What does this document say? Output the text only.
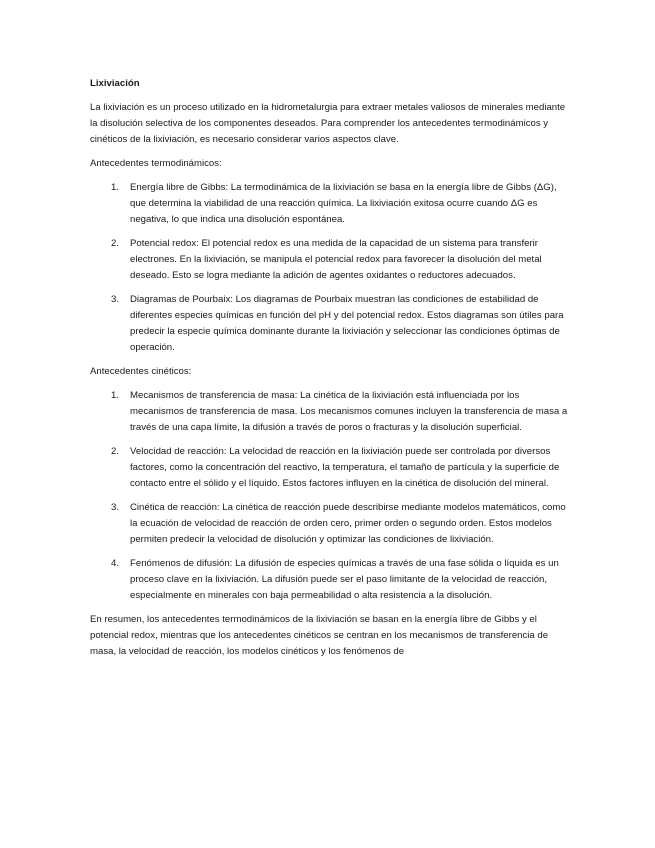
Lixiviación

La lixiviación es un proceso utilizado en la hidrometalurgia para extraer metales valiosos de minerales mediante la disolución selectiva de los componentes deseados. Para comprender los antecedentes termodinámicos y cinéticos de la lixiviación, es necesario considerar varios aspectos clave.

Antecedentes termodinámicos:

1. Energía libre de Gibbs: La termodinámica de la lixiviación se basa en la energía libre de Gibbs (ΔG), que determina la viabilidad de una reacción química. La lixiviación exitosa ocurre cuando ΔG es negativa, lo que indica una disolución espontánea.
2. Potencial redox: El potencial redox es una medida de la capacidad de un sistema para transferir electrones. En la lixiviación, se manipula el potencial redox para favorecer la disolución del metal deseado. Esto se logra mediante la adición de agentes oxidantes o reductores adecuados.
3. Diagramas de Pourbaix: Los diagramas de Pourbaix muestran las condiciones de estabilidad de diferentes especies químicas en función del pH y del potencial redox. Estos diagramas son útiles para predecir la especie química dominante durante la lixiviación y seleccionar las condiciones óptimas de operación.

Antecedentes cinéticos:

1. Mecanismos de transferencia de masa: La cinética de la lixiviación está influenciada por los mecanismos de transferencia de masa. Los mecanismos comunes incluyen la transferencia de masa a través de una capa límite, la difusión a través de poros o fracturas y la disolución superficial.
2. Velocidad de reacción: La velocidad de reacción en la lixiviación puede ser controlada por diversos factores, como la concentración del reactivo, la temperatura, el tamaño de partícula y la superficie de contacto entre el sólido y el líquido. Estos factores influyen en la cinética de disolución del mineral.
3. Cinética de reacción: La cinética de reacción puede describirse mediante modelos matemáticos, como la ecuación de velocidad de reacción de orden cero, primer orden o segundo orden. Estos modelos permiten predecir la velocidad de disolución y optimizar las condiciones de lixiviación.
4. Fenómenos de difusión: La difusión de especies químicas a través de una fase sólida o líquida es un proceso clave en la lixiviación. La difusión puede ser el paso limitante de la velocidad de reacción, especialmente en minerales con baja permeabilidad o alta resistencia a la disolución.

En resumen, los antecedentes termodinámicos de la lixiviación se basan en la energía libre de Gibbs y el potencial redox, mientras que los antecedentes cinéticos se centran en los mecanismos de transferencia de masa, la velocidad de reacción, los modelos cinéticos y los fenómenos de
